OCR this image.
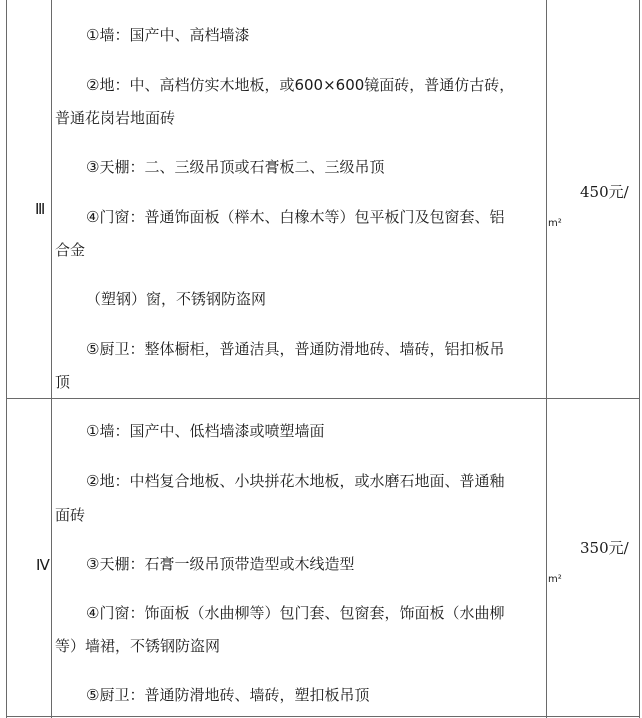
Ⅲ
①墙：国产中、高档墙漆
②地：中、高档仿实木地板，或600×600镜面砖，普通仿古砖，
普通花岗岩地面砖
③天棚：二、三级吊顶或石膏板二、三级吊顶
④门窗：普通饰面板（榉木、白橡木等）包平板门及包窗套、铝
合金
（塑钢）窗，不锈钢防盗网
⑤厨卫：整体橱柜，普通洁具，普通防滑地砖、墙砖，铝扣板吊
顶
450元/
m²
Ⅳ
①墙：国产中、低档墙漆或喷塑墙面
②地：中档复合地板、小块拼花木地板，或水磨石地面、普通釉
面砖
③天棚：石膏一级吊顶带造型或木线造型
④门窗：饰面板（水曲柳等）包门套、包窗套，饰面板（水曲柳
等）墙裙，不锈钢防盗网
⑤厨卫：普通防滑地砖、墙砖，塑扣板吊顶
350元/
m²
